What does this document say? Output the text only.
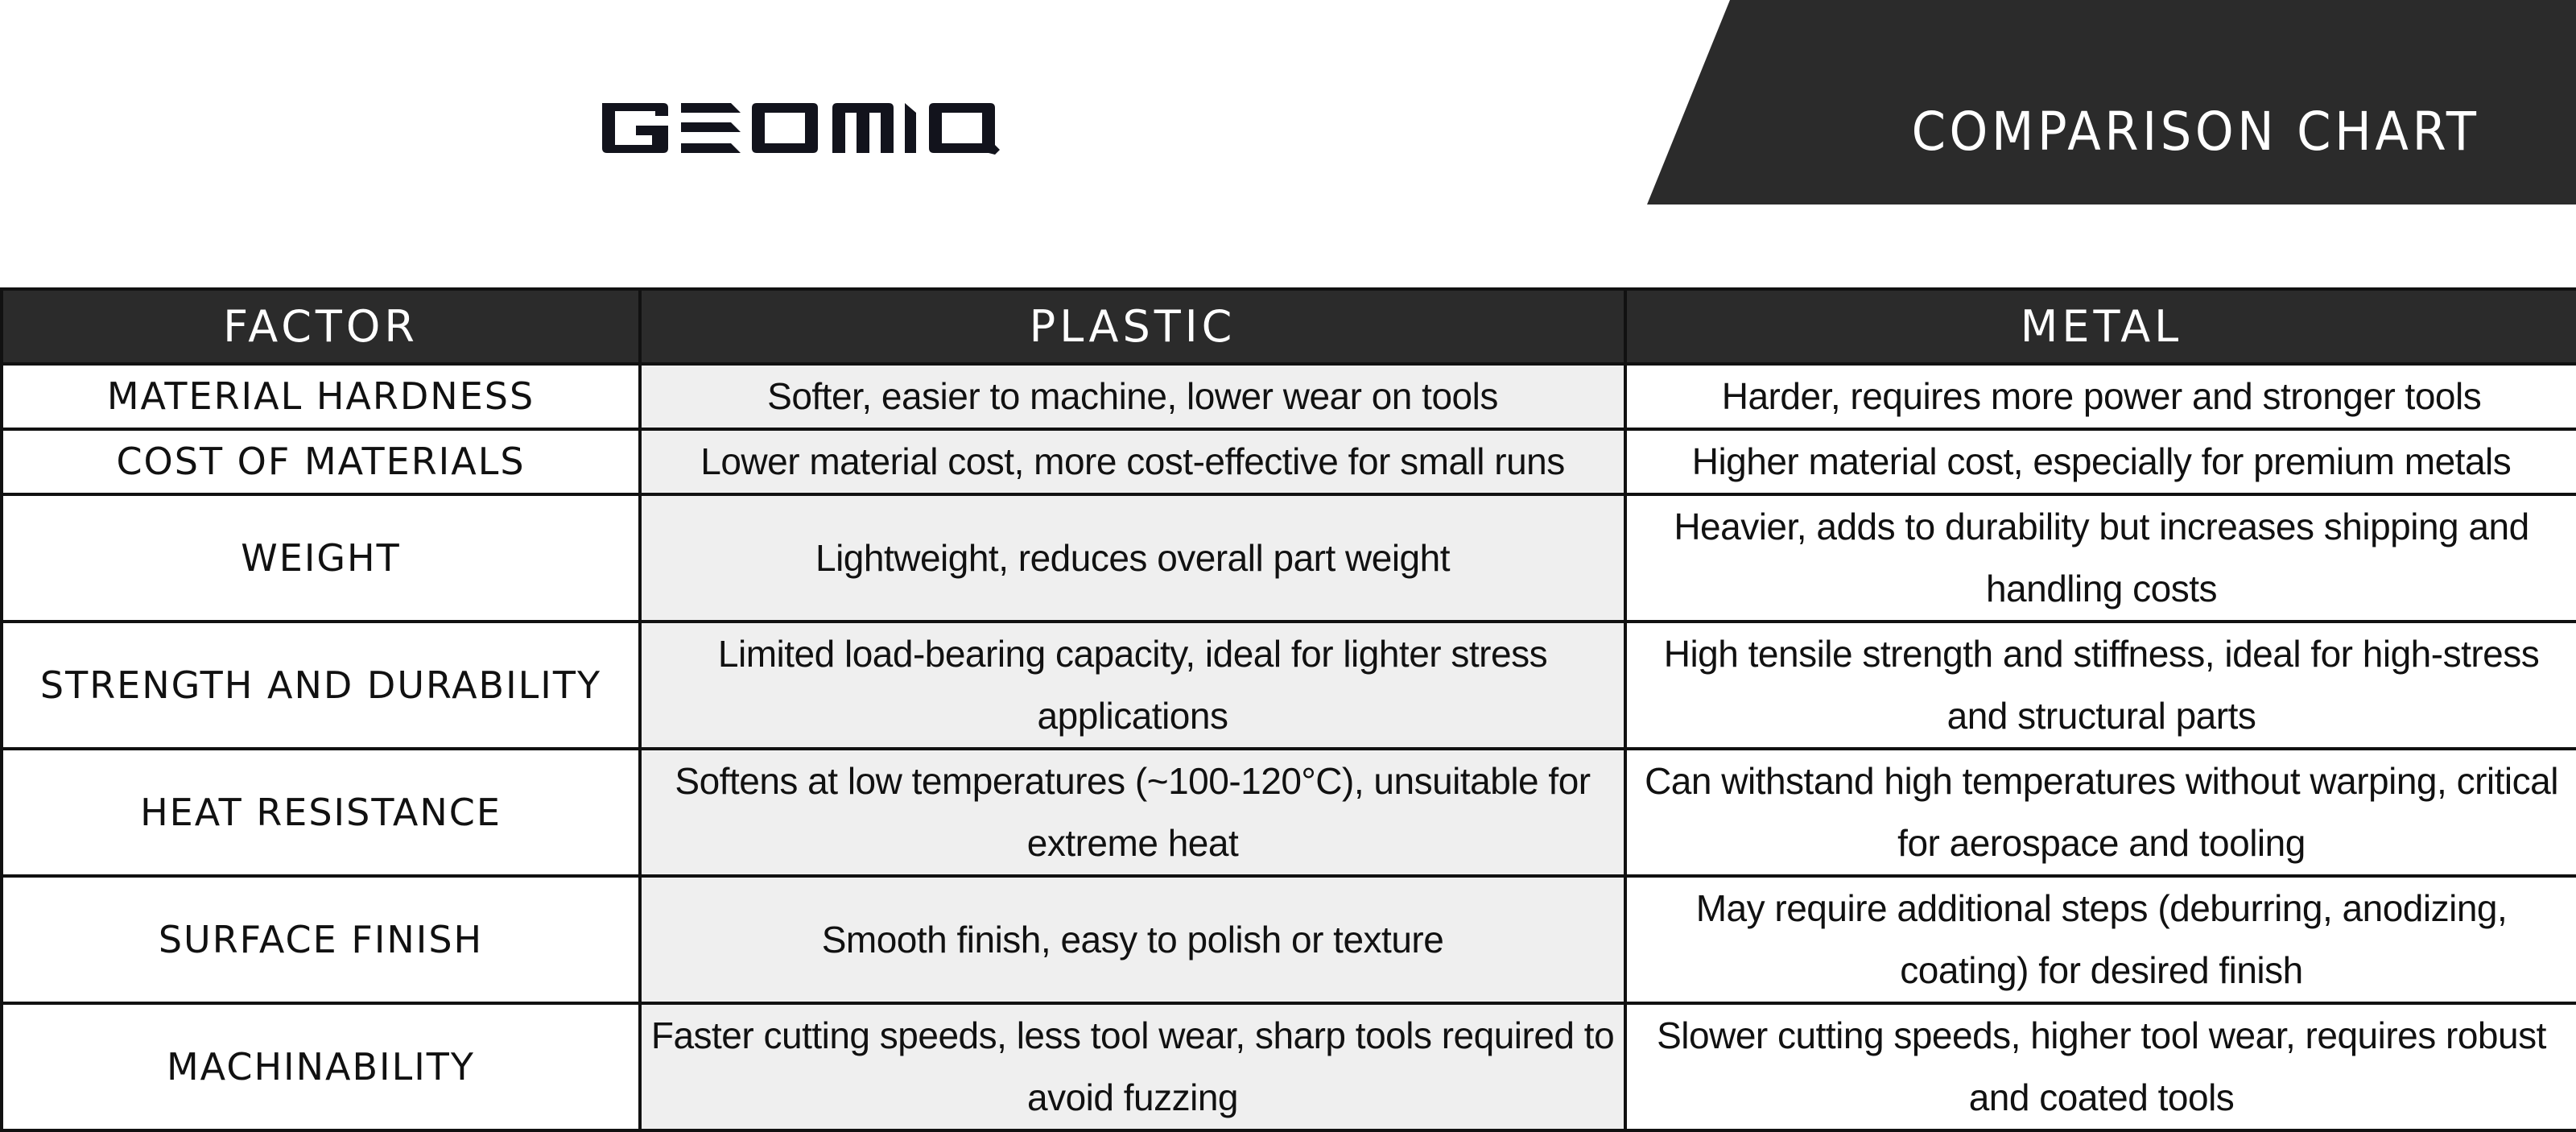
COMPARISON CHART
FACTOR	PLASTIC	METAL
MATERIAL HARDNESS	Softer, easier to machine, lower wear on tools	Harder, requires more power and stronger tools
COST OF MATERIALS	Lower material cost, more cost-effective for small runs	Higher material cost, especially for premium metals
WEIGHT	Lightweight, reduces overall part weight	Heavier, adds to durability but increases shipping and handling costs
STRENGTH AND DURABILITY	Limited load-bearing capacity, ideal for lighter stress applications	High tensile strength and stiffness, ideal for high-stress and structural parts
HEAT RESISTANCE	Softens at low temperatures (~100-120°C), unsuitable for extreme heat	Can withstand high temperatures without warping, critical for aerospace and tooling
SURFACE FINISH	Smooth finish, easy to polish or texture	May require additional steps (deburring, anodizing, coating) for desired finish
MACHINABILITY	Faster cutting speeds, less tool wear, sharp tools required to avoid fuzzing	Slower cutting speeds, higher tool wear, requires robust and coated tools
